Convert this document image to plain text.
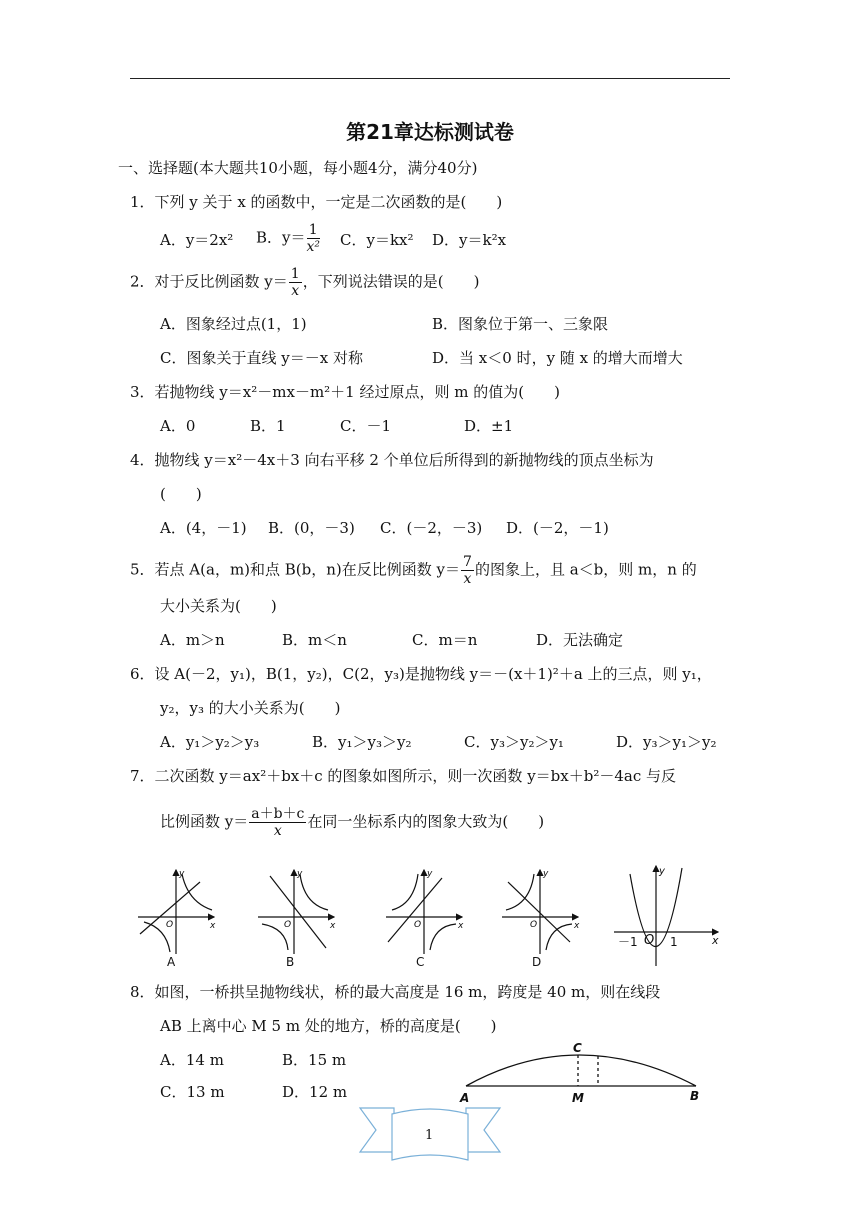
第21章达标测试卷
一、选择题(本大题共10小题，每小题4分，满分40分)
1．下列 y 关于 x 的函数中，一定是二次函数的是(　　)
A．y＝2x² B．$y= \frac{1}{\text{x²}}$ C．y＝kx² D．y＝k²x
2．对于反比例函数 $y= \frac{1}{x}$ ，下列说法错误的是(　　)
A．图象经过点(1，1)	B．图象位于第一、三象限
C．图象关于直线 y＝－x 对称	D．当 x＜0 时，y 随 x 的增大而增大
3．若抛物线 y＝x²－mx－m²＋1 经过原点，则 m 的值为(　　)
A．0	B．1	C．－1	D．±1
4．抛物线 y＝x²－4x＋3 向右平移 2 个单位后所得到的新抛物线的顶点坐标为
(　　)
A．(4，－1) B．(0，－3) C．(－2，－3) D．(－2，－1)
5．若点 A(a，m)和点 B(b，n)在反比例函数 $y= \frac{7}{x}$ 的图象上，且 a＜b，则 m，n 的
大小关系为(　　)
A．m＞n	B．m＜n	C．m＝n	D．无法确定
6．设 A(－2，y₁)，B(1，y₂)，C(2，y₃)是抛物线 y＝－(x＋1)²＋a 上的三点，则 y₁，
y₂，y₃ 的大小关系为(　　)
A．y₁＞y₂＞y₃	B．y₁＞y₃＞y₂	C．y₃＞y₂＞y₁	D．y₃＞y₁＞y₂
7．二次函数 y＝ax²＋bx＋c 的图象如图所示，则一次函数 y＝bx＋b²－4ac 与反
比例函数 $y= \frac{a+b+c}{x}$ 在同一坐标系内的图象大致为(　　)
y
x
O
y
x
O
y
x
O
y
x
O
y
x
O
A	B	C	D
－1	1
8．如图，一桥拱呈抛物线状，桥的最大高度是 16 m，跨度是 40 m，则在线段
AB 上离中心 M 5 m 处的地方，桥的高度是(　　)
A．14 m	B．15 m
C．13 m	D．12 m
C
A	M	B
1
